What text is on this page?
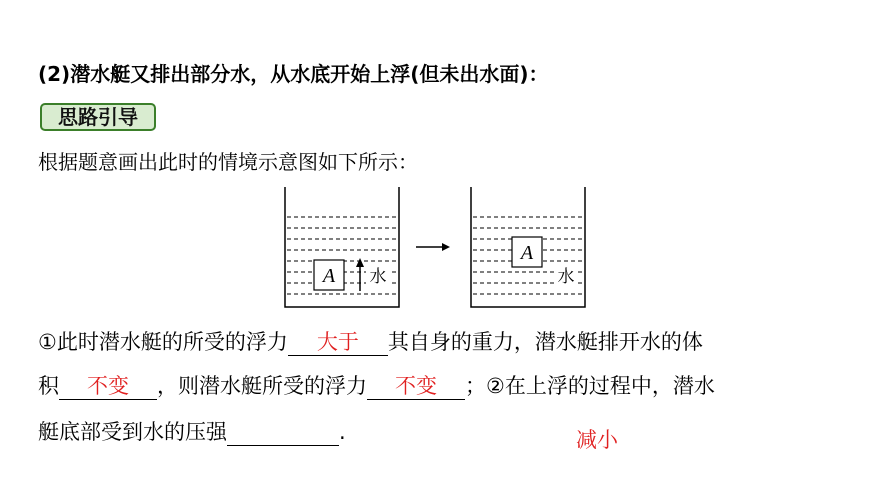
(2)潜水艇又排出部分水，从水底开始上浮(但未出水面)：
思路引导
根据题意画出此时的情境示意图如下所示：
A 水
A
水
①此时潜水艇的所受的浮力 大于 其自身的重力，潜水艇排开水的体
积 不变 ，则潜水艇所受的浮力 不变 ；②在上浮的过程中，潜水
艇底部受到水的压强	.	减小
